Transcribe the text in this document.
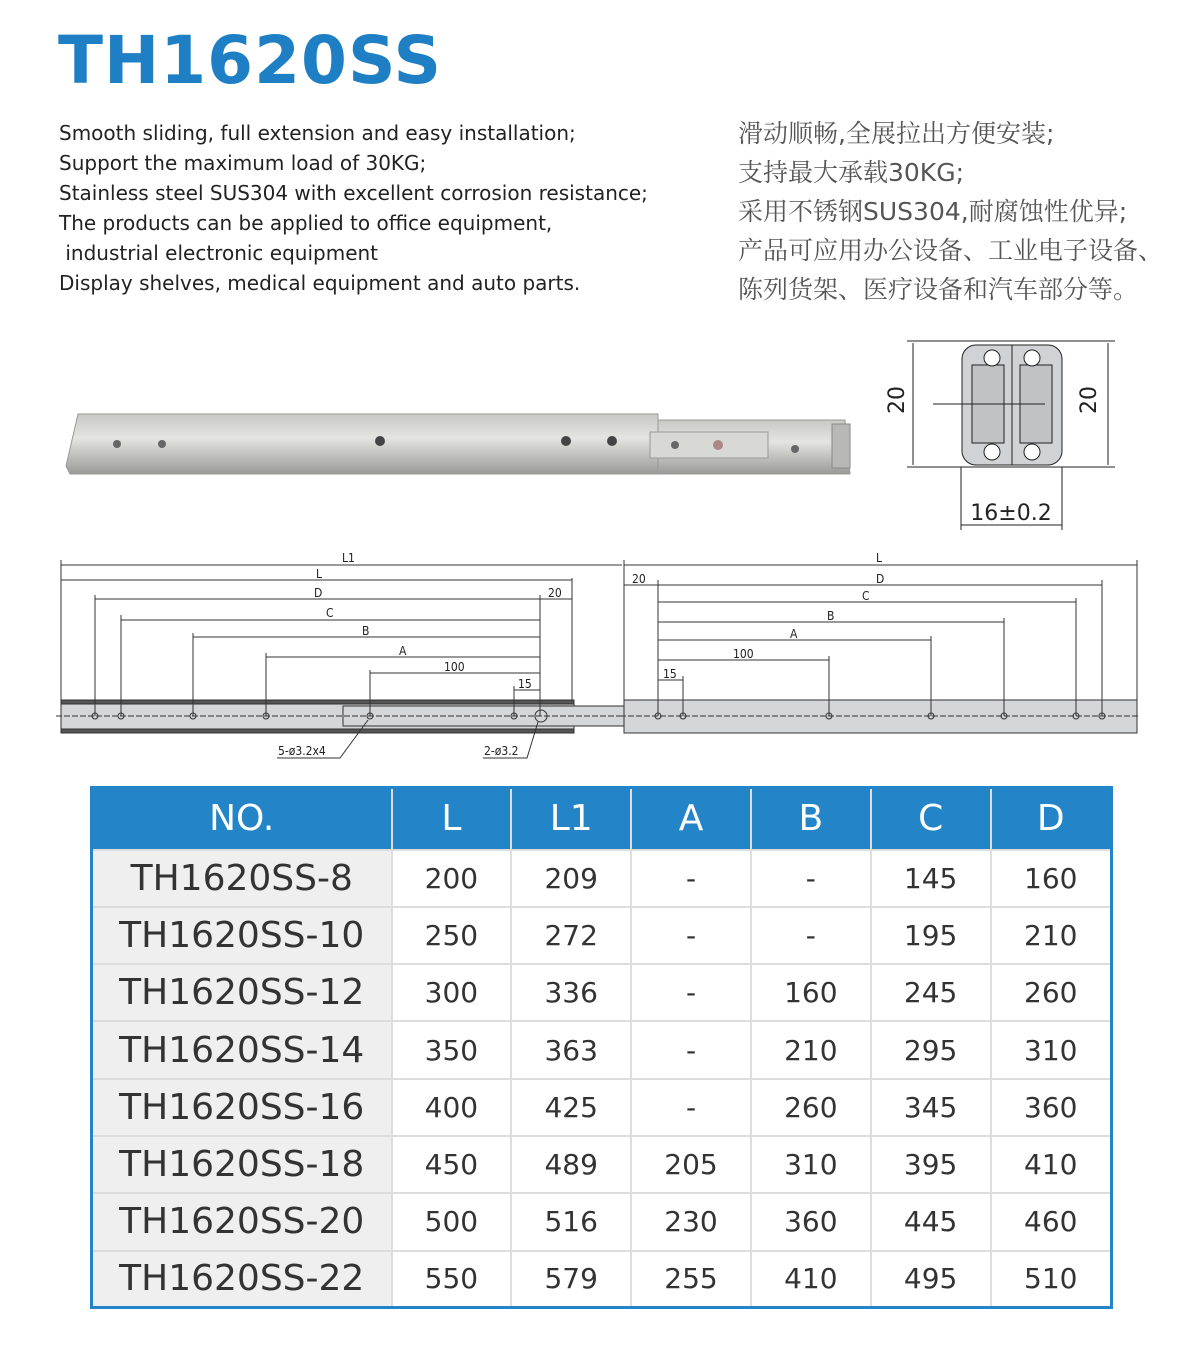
TH1620SS
Smooth sliding, full extension and easy installation;
Support the maximum load of 30KG;
Stainless steel SUS304 with excellent corrosion resistance;
The products can be applied to office equipment,
industrial electronic equipment
Display shelves, medical equipment and auto parts.
滑动顺畅,全展拉出方便安装;
支持最大承载30KG;
采用不锈钢SUS304,耐腐蚀性优异;
产品可应用办公设备、工业电子设备、
陈列货架、医疗设备和汽车部分等。
20	20
16±0.2
L1
L
D	20
C
B
A
100
15
5-ø3.2x4	2-ø3.2
L
20	D
C
B
A
100
15
NO.	L	L1	A	B	C	D
TH1620SS-8	200	209	-	-	145	160
TH1620SS-10	250	272	-	-	195	210
TH1620SS-12	300	336	-	160	245	260
TH1620SS-14	350	363	-	210	295	310
TH1620SS-16	400	425	-	260	345	360
TH1620SS-18	450	489	205	310	395	410
TH1620SS-20	500	516	230	360	445	460
TH1620SS-22	550	579	255	410	495	510
